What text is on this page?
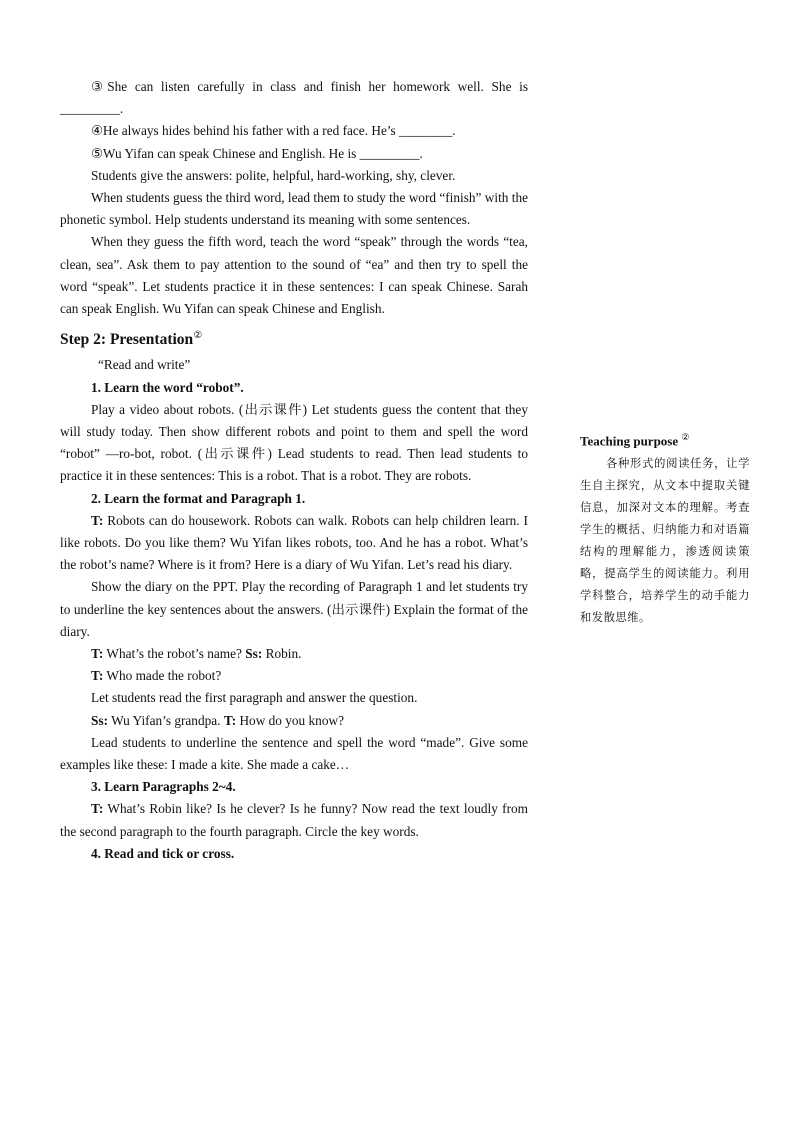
③She can listen carefully in class and finish her homework well. She is _________.

④He always hides behind his father with a red face. He’s ________.

⑤Wu Yifan can speak Chinese and English. He is _________.

Students give the answers: polite, helpful, hard-working, shy, clever.

When students guess the third word, lead them to study the word “finish” with the phonetic symbol. Help students understand its meaning with some sentences.

When they guess the fifth word, teach the word “speak” through the words “tea, clean, sea”. Ask them to pay attention to the sound of “ea” and then try to spell the word “speak”. Let students practice it in these sentences: I can speak Chinese. Sarah can speak English. Wu Yifan can speak Chinese and English.

Step 2: Presentation②

“Read and write”

1. Learn the word “robot”.

Play a video about robots. (出示课件) Let students guess the content that they will study today. Then show different robots and point to them and spell the word “robot” —ro-bot, robot. (出示课件) Lead students to read. Then lead students to practice it in these sentences: This is a robot. That is a robot. They are robots.

2. Learn the format and Paragraph 1.

T: Robots can do housework. Robots can walk. Robots can help children learn. I like robots. Do you like them? Wu Yifan likes robots, too. And he has a robot. What’s the robot’s name? Where is it from? Here is a diary of Wu Yifan. Let’s read his diary.

Show the diary on the PPT. Play the recording of Paragraph 1 and let students try to underline the key sentences about the answers. (出示课件) Explain the format of the diary.

T: What’s the robot’s name? Ss: Robin.

T: Who made the robot?

Let students read the first paragraph and answer the question.

Ss: Wu Yifan’s grandpa. T: How do you know?

Lead students to underline the sentence and spell the word “made”. Give some examples like these: I made a kite. She made a cake…

3. Learn Paragraphs 2~4.

T: What’s Robin like? Is he clever? Is he funny? Now read the text loudly from the second paragraph to the fourth paragraph. Circle the key words.

4. Read and tick or cross.

Teaching purpose ②
各种形式的阅读任务，让学生自主探究，从文本中提取关键信息，加深对文本的理解。考查学生的概括、归纳能力和对语篇结构的理解能力，渗透阅读策略，提高学生的阅读能力。利用学科整合，培养学生的动手能力和发散思维。
